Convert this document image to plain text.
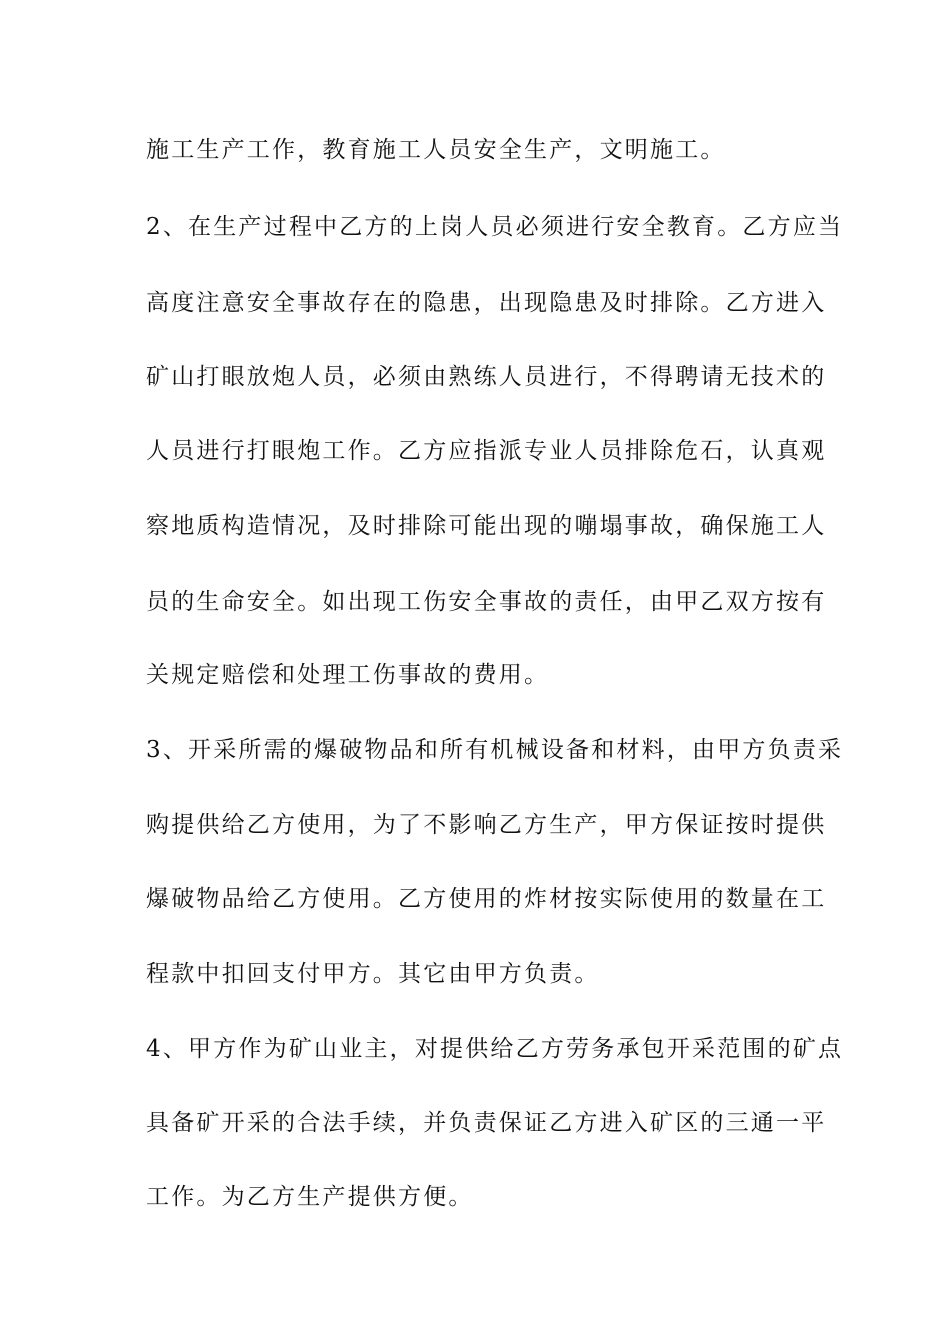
施工生产工作，教育施工人员安全生产，文明施工。
2、在生产过程中乙方的上岗人员必须进行安全教育。乙方应当
高度注意安全事故存在的隐患，出现隐患及时排除。乙方进入
矿山打眼放炮人员，必须由熟练人员进行，不得聘请无技术的
人员进行打眼炮工作。乙方应指派专业人员排除危石，认真观
察地质构造情况，及时排除可能出现的嘣塌事故，确保施工人
员的生命安全。如出现工伤安全事故的责任，由甲乙双方按有
关规定赔偿和处理工伤事故的费用。
3、开采所需的爆破物品和所有机械设备和材料，由甲方负责采
购提供给乙方使用，为了不影响乙方生产，甲方保证按时提供
爆破物品给乙方使用。乙方使用的炸材按实际使用的数量在工
程款中扣回支付甲方。其它由甲方负责。
4、甲方作为矿山业主，对提供给乙方劳务承包开采范围的矿点
具备矿开采的合法手续，并负责保证乙方进入矿区的三通一平
工作。为乙方生产提供方便。
